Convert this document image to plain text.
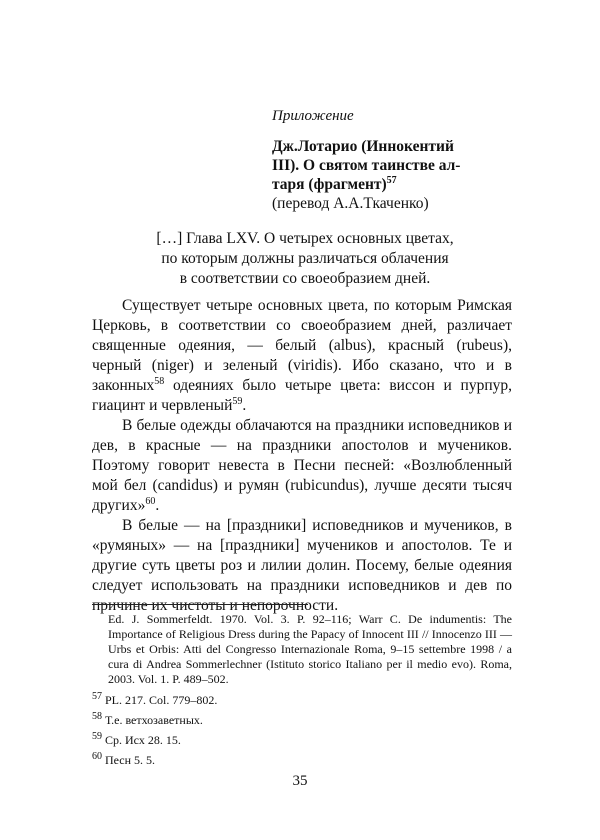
Приложение
Дж.Лотарио (Иннокентий
III). О святом таинстве ал-
таря (фрагмент)$^{57}$
(перевод А.А.Ткаченко)
[…] Глава LXV. О четырех основных цветах,
по которым должны различаться облачения
в соответствии со своеобразием дней.

Существует четыре основных цвета, по которым Римская Церковь, в соответствии со своеобразием дней, различает священные одеяния, — белый (albus), красный (rubeus), черный (niger) и зеленый (viridis). Ибо сказано, что и в законных$^{58}$ одеяниях было четыре цвета: виссон и пурпур, гиацинт и червленый$^{59}$.

В белые одежды облачаются на праздники исповедников и дев, в красные — на праздники апостолов и мучеников. Поэтому говорит невеста в Песни песней: «Возлюбленный мой бел (candidus) и румян (rubicundus), лучше десяти тысяч других»$^{60}$.

В белые — на [праздники] исповедников и мучеников, в «румяных» — на [праздники] мучеников и апостолов. Те и другие суть цветы роз и лилии долин. Посему, белые одеяния следует использовать на праздники исповедников и дев по причине их чистоты и непорочности.

Ed. J. Sommerfeldt. 1970. Vol. 3. P. 92–116; Warr C. De indumentis: The Importance of Religious Dress during the Papacy of Innocent III // Innocenzo III — Urbs et Orbis: Atti del Congresso Internazionale Roma, 9–15 settembre 1998 / a cura di Andrea Sommerlechner (Istituto storico Italiano per il medio evo). Roma, 2003. Vol. 1. P. 489–502.

$^{57}$ PL. 217. Col. 779–802.

$^{58}$ Т.е. ветхозаветных.

$^{59}$ Ср. Исх 28. 15.

$^{60}$ Песн 5. 5.

35
